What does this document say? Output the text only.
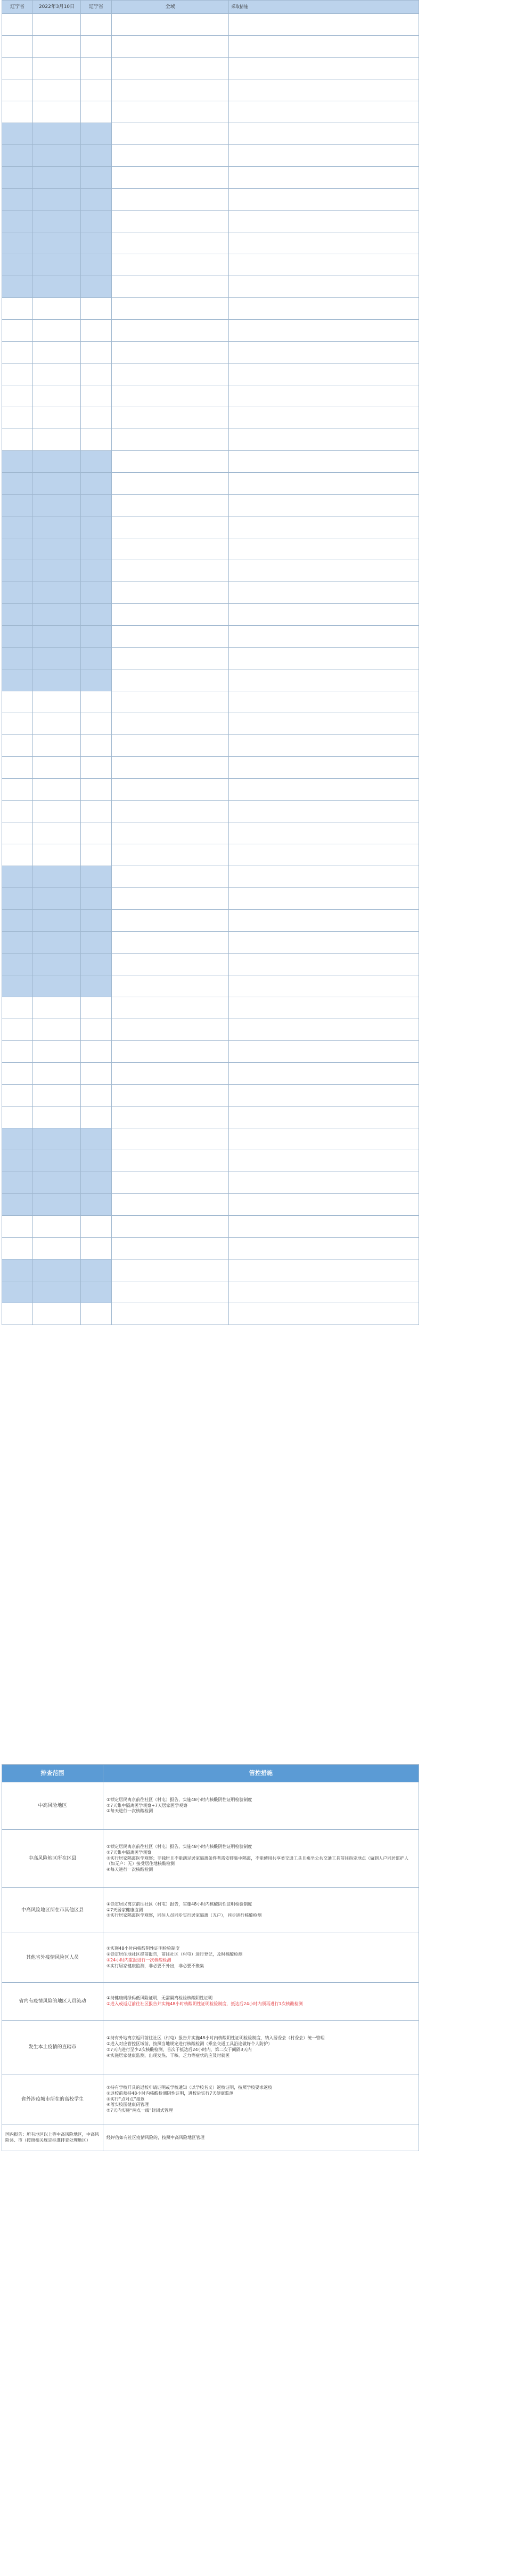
辽宁省	2022年3月10日	辽宁省	全域	采取措施

排查范围	管控措施
中高风险地区	①锁定居民离京前往社区（村屯）报告，实施48小时内核酸阴性证明检验制度
②7天集中隔离医学观察+7天居家医学观察
③每天进行一次核酸检测

中高风险地区所在区县	①锁定居民离京前往社区（村屯）报告，实施48小时内核酸阴性证明检验制度
②7天集中隔离医学观察
③实行居家隔离医学观察；非独居且不能满足居家隔离条件者需安排集中隔离，不能使用共享类交通工具且乘坐公共交通工具前往指定地点（做到人户同居监护人（如无户：无）接受居住地核酸检测
④每天进行一次核酸检测

中高风险地区所在市其他区县	①锁定居民离京前往社区（村屯）报告，实施48小时内核酸阴性证明检验制度
②7天居家健康监测
③实行居家隔离医学观察，同住人员同步实行居家隔离（五户），同步进行核酸检测

其他省外疫情风险区人员	①实施48小时内核酸阴性证明检验制度
②锁定居住地社区提前报告，前往社区（村屯）进行登记，及时核酸检测
③24小时内重报进行一次核酸检测
④实行居家健康监测，非必要不外出，非必要不聚集

省内有疫情风险的地区人员流动	①持健康码绿码低风险证明，无需隔离检验核酸阴性证明
②进入或返辽前往社区报告并实施48小时核酸阴性证明检验制度，抵达后24小时内须再进行1次核酸检测

发生本土疫情的直辖市	①持有外地离京返回前往社区（村屯）报告并实施48小时内核酸阴性证明检验制度，纳入居委会（村委会）统一管理
②进入对应管控区域前，按照当地规定进行核酸检测（乘坐交通工具沿途做好个人防护）
③7天内进行至少2次核酸检测，首次于抵达后24小时内，第二次于间隔3天内
④实施居家健康监测，出现发热、干咳、乏力等症状的应及时就医

省外涉疫城市所在的高校学生	①持有学校开具的返校申请证明或学校通知（以学校名义）返校证明，按照学校要求返校
②返校前须持48小时内核酸检测阴性证明，进校后实行7天健康监测
③实行“点对点”接返
④落实校园健康码管理
⑤7天内实施“两点一线”封闭式管理

国内报告：所有地区以上等中高风险地区，中高风险县、市（按照相关规定标准排查处理地区）	经评估如有社区疫情风险的，按照中高风险地区管理
